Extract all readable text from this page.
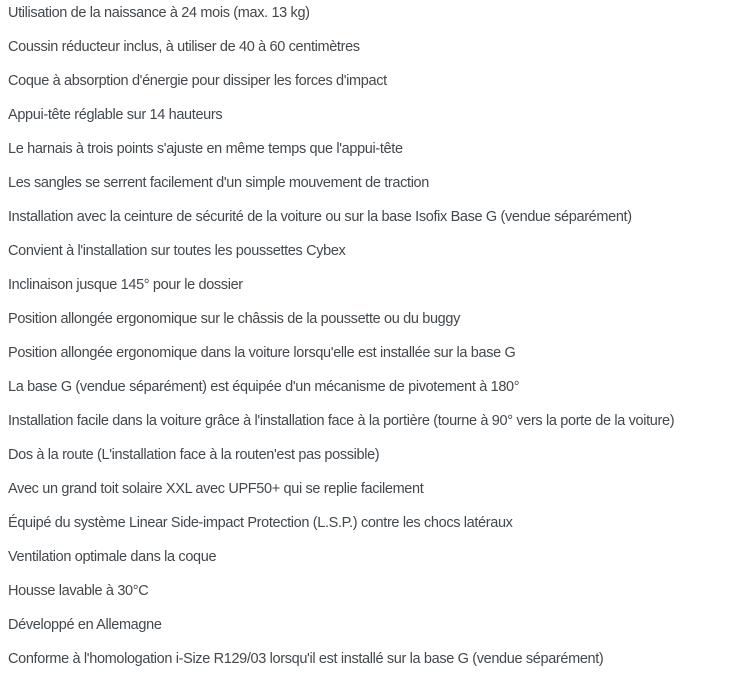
Utilisation de la naissance à 24 mois (max. 13 kg)

Coussin réducteur inclus, à utiliser de 40 à 60 centimètres

Coque à absorption d'énergie pour dissiper les forces d'impact

Appui-tête réglable sur 14 hauteurs

Le harnais à trois points s'ajuste en même temps que l'appui-tête

Les sangles se serrent facilement d'un simple mouvement de traction

Installation avec la ceinture de sécurité de la voiture ou sur la base Isofix Base G (vendue séparément)

Convient à l'installation sur toutes les poussettes Cybex

Inclinaison jusque 145° pour le dossier

Position allongée ergonomique sur le châssis de la poussette ou du buggy

Position allongée ergonomique dans la voiture lorsqu'elle est installée sur la base G

La base G (vendue séparément) est équipée d'un mécanisme de pivotement à 180°

Installation facile dans la voiture grâce à l'installation face à la portière (tourne à 90° vers la porte de la voiture)

Dos à la route (L'installation face à la routen'est pas possible)

Avec un grand toit solaire XXL avec UPF50+ qui se replie facilement

Équipé du système Linear Side-impact Protection (L.S.P.) contre les chocs latéraux

Ventilation optimale dans la coque

Housse lavable à 30°C

Développé en Allemagne

Conforme à l'homologation i-Size R129/03 lorsqu'il est installé sur la base G (vendue séparément)
